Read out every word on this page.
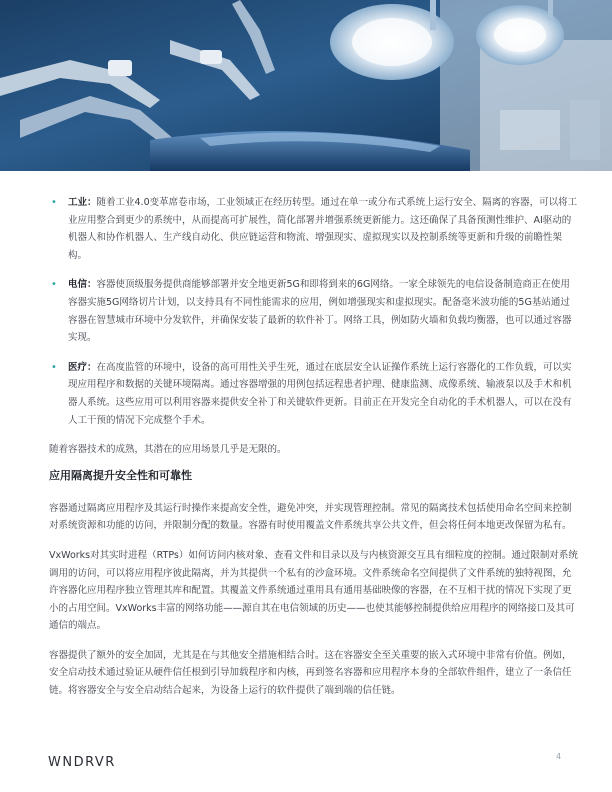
• 工业：随着工业4.0变革席卷市场，工业领域正在经历转型。通过在单一或分布式系统上运行安全、隔离的容器，可以将工业应用整合到更少的系统中，从而提高可扩展性，简化部署并增强系统更新能力。这还确保了具备预测性维护、AI驱动的机器人和协作机器人、生产线自动化、供应链运营和物流、增强现实、虚拟现实以及控制系统等更新和升级的前瞻性架构。
• 电信：容器使顶级服务提供商能够部署并安全地更新5G和即将到来的6G网络。一家全球领先的电信设备制造商正在使用容器实施5G网络切片计划，以支持具有不同性能需求的应用，例如增强现实和虚拟现实。配备毫米波功能的5G基站通过容器在智慧城市环境中分发软件，并确保安装了最新的软件补丁。网络工具，例如防火墙和负载均衡器，也可以通过容器实现。
• 医疗：在高度监管的环境中，设备的高可用性关乎生死，通过在底层安全认证操作系统上运行容器化的工作负载，可以实现应用程序和数据的关键环境隔离。通过容器增强的用例包括远程患者护理、健康监测、成像系统、输液泵以及手术和机器人系统。这些应用可以利用容器来提供安全补丁和关键软件更新。目前正在开发完全自动化的手术机器人，可以在没有人工干预的情况下完成整个手术。

随着容器技术的成熟，其潜在的应用场景几乎是无限的。

应用隔离提升安全性和可靠性

容器通过隔离应用程序及其运行时操作来提高安全性，避免冲突，并实现管理控制。常见的隔离技术包括使用命名空间来控制对系统资源和功能的访问，并限制分配的数量。容器有时使用覆盖文件系统共享公共文件，但会将任何本地更改保留为私有。

VxWorks对其实时进程（RTPs）如何访问内核对象、查看文件和目录以及与内核资源交互具有细粒度的控制。通过限制对系统调用的访问，可以将应用程序彼此隔离，并为其提供一个私有的沙盒环境。文件系统命名空间提供了文件系统的独特视图，允许容器化应用程序独立管理其库和配置。其覆盖文件系统通过重用具有通用基础映像的容器，在不互相干扰的情况下实现了更小的占用空间。VxWorks丰富的网络功能——源自其在电信领域的历史——也使其能够控制提供给应用程序的网络接口及其可通信的端点。

容器提供了额外的安全加固，尤其是在与其他安全措施相结合时。这在容器安全至关重要的嵌入式环境中非常有价值。例如，安全启动技术通过验证从硬件信任根到引导加载程序和内核，再到签名容器和应用程序本身的全部软件组件，建立了一条信任链。将容器安全与安全启动结合起来，为设备上运行的软件提供了端到端的信任链。

WNDRVR	4
